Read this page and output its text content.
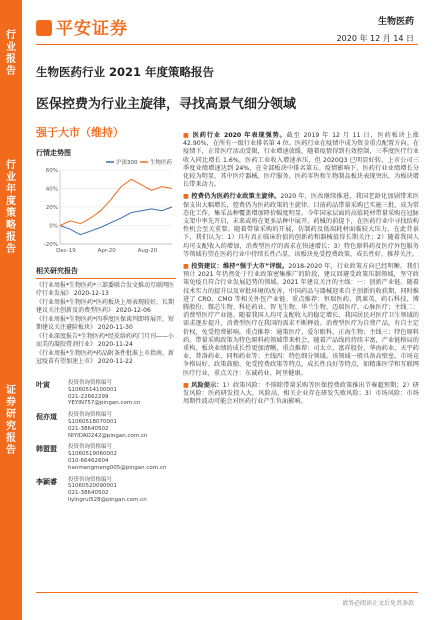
行
业
报
告
行
业
年
度
策
略
报
告
证
券
研
究
报
告
平安证券	生物医药
2020 年 12 月 14 日
生物医药行业 2021 年度策略报告
医保控费为行业主旋律，寻找高景气细分领域
强于大市（维持）
行情走势图
60%
40%
20%
0%
-20%
Dec-19	Apr-20	Aug-20
沪深300 生物医药
相关研究报告
《行业周报*生物医药*三部委联合发文推动互联网医疗行业发展》 2020-12-13
《行业周报*生物医药*医药板块上周表现较好，长期建议关注创新及消费型医药》 2020-12-06
《行业周报*生物医药*四季度医保谈判即将展开，短期建议关注避险板块》 2020-11-30
《行业深度报告*生物医药*经皮给药药门月刊——小而美的凝胶膏剂行业》 2020-11-24
《行业周报*生物医药*药品附条件批准上市指南，新冠疫苗有望加速上市》 2020-11-22
叶寅	投资咨询资格编号
S1060514100001
021-22662299
YEYIN757@pingan.com.cn
倪亦道	投资咨询资格编号
S1060518070001
021-38640502
NIYIDAO242@pingan.com.cn
韩盟盟	投资咨询资格编号
S1060519060002
010-66462604
hanmengmeng005@pingan.com.cn
李颖睿	投资咨询资格编号
S1060520090001
021-38640502
liyingrui528@pingan.com.cn
■ 医药行业 2020 年表现强势。截至 2019 年 12 月 11 日，医药板块上涨 42.90%，在所有一级行业排名第 4 位。医药行业在疫情中成为资金重点配置方向。在疫情下，正常医疗活动受限，行业增速放缓，随着疫情得到有效控制，三季度医疗行业收入同比增长 1.6%，医药工业收入增速承压，但 2020Q3 已明显好转，上市公司三季度业绩增速达到 24%，在全部板块中排名第五。疫情影响下，医药行业业绩增长分化较为明显，其中医疗器械、医疗服务、医药零售和生物制品板块表现突出，为板块增长带来动力。
■ 控费仍为医药行业政策主旋律。2020 年，医改继续推进，我国老龄化加剧带来医保支出大幅增长，控费仍为医药政策的主旋律。目前药品带量采购已实施三批，成为常态化工作，集采品种覆盖增加降价幅度明显。今年国家层面的高值耗材带量采购在冠脉支架中率先开启，未来或将在更多品种中展开。药械的前提下，在医药行业中寻找结构性机会至关重要。随着带量采购的开展，仿制药及低端耗材面临较大压力。在此背景下，我们认为：1）具有真正临床价值的创新药和器械值得长期关注；2）随着我国人均可支配收入的增加，消费型医疗的需求在快速增长；3）特色原料药及医疗外包服务等领域有望在医药行业中持续长性凸显，该板块免受控费政策，成长性好，推荐关注。
■ 投资建议：维持“强于大市”评级。2018-2020 年，行业政策方向已经明晰。我们预计 2021 年仍然处于行业政策密集推广的阶段，建议回避受政策压制领域，坚守政策免疫且符合行业发展趋势的领域。2021 年建议关注的主线：一：创新产业链。随着技术实力的提升以及审批环境的改善，中国药品与器械迎来自主创新的收获期，同时推进了 CRO、CMO 等相关外包产业链。重点推荐：恒瑞医药、凯莱英、药石科技、博腾股份、微芯生物、科伦药业、智飞生物、华兰生物、迈瑞医疗、心脉医疗；主线二：消费型医疗产业链。随着我国人均可支配收入的稳定增长，我国居民对医疗卫生领域的需求逐步提升，消费型医疗在我国的需求不断释放。消费型医疗为自费产品，有自主定价权，免受控费影响。重点推荐：通策医疗、爱尔眼科、正海生物；主线三：特色原料药。带量采购政策为特色原料药领域带来机会，随着产品线的持续丰富，产业链格局的重构，板块业绩的成长性更加清晰，重点推荐：司太立、富祥股份、华海药业、天宇药业、普洛药业、同和药业等；主线四：特色细分领域。该领域一般具备高壁垒、市场竞争格局好、政策鼓励、免受控费政策等特点，成长性良好等特点，如精准医学和互联网医疗行业，重点关注：东诚药业、阿里健康。
■ 风险提示：1）政策风险：不排除带量采购等医保控费政策推出节奏超预期；2）研发风险：医药研发投入大、风险高，相关企业存在研发失败风险；3）市场风险：市场周期性波动可能会对医药行业产生负面影响。
请务必阅读正文后免责条款
